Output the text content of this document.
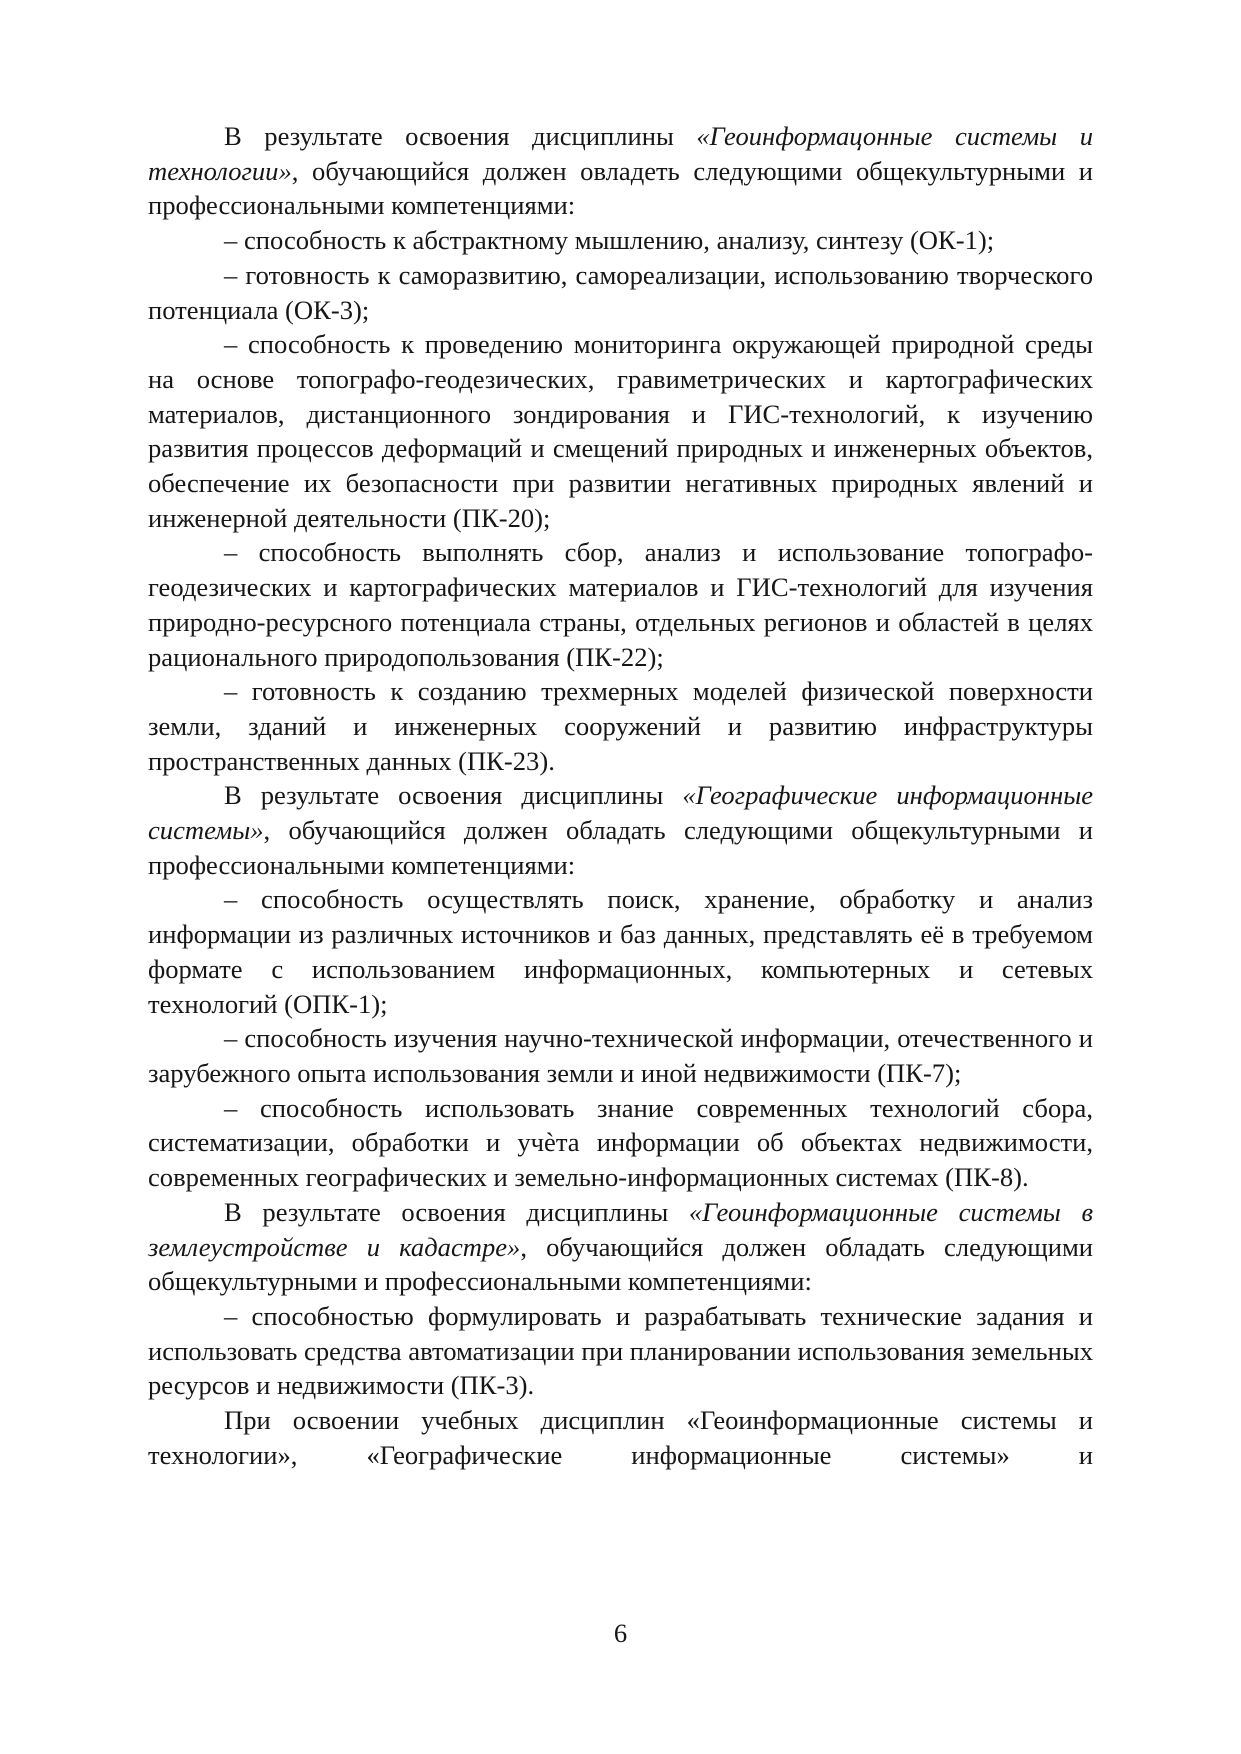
В результате освоения дисциплины «Геоинформацонные системы и технологии», обучающийся должен овладеть следующими общекультурными и профессиональными компетенциями:

– способность к абстрактному мышлению, анализу, синтезу (ОК-1);

– готовность к саморазвитию, самореализации, использованию творческого потенциала (ОК-3);

– способность к проведению мониторинга окружающей природной среды на основе топографо-геодезических, гравиметрических и картографических материалов, дистанционного зондирования и ГИС-технологий, к изучению развития процессов деформаций и смещений природных и инженерных объектов, обеспечение их безопасности при развитии негативных природных явлений и инженерной деятельности (ПК-20);

– способность выполнять сбор, анализ и использование топографо-геодезических и картографических материалов и ГИС-технологий для изучения природно-ресурсного потенциала страны, отдельных регионов и областей в целях рационального природопользования (ПК-22);

– готовность к созданию трехмерных моделей физической поверхности земли, зданий и инженерных сооружений и развитию инфраструктуры пространственных данных (ПК-23).

В результате освоения дисциплины «Географические информационные системы», обучающийся должен обладать следующими общекультурными и профессиональными компетенциями:

– способность осуществлять поиск, хранение, обработку и анализ информации из различных источников и баз данных, представлять её в требуемом формате с использованием информационных, компьютерных и сетевых технологий (ОПК-1);

– способность изучения научно-технической информации, отечественного и зарубежного опыта использования земли и иной недвижимости (ПК-7);

– способность использовать знание современных технологий сбора, систематизации, обработки и учѐта информации об объектах недвижимости, современных географических и земельно-информационных системах (ПК-8).

В результате освоения дисциплины «Геоинформационные системы в землеустройстве и кадастре», обучающийся должен обладать следующими общекультурными и профессиональными компетенциями:

– способностью формулировать и разрабатывать технические задания и использовать средства автоматизации при планировании использования земельных ресурсов и недвижимости (ПК-3).

При освоении учебных дисциплин «Геоинформационные системы и технологии», «Географические информационные системы» и

6
